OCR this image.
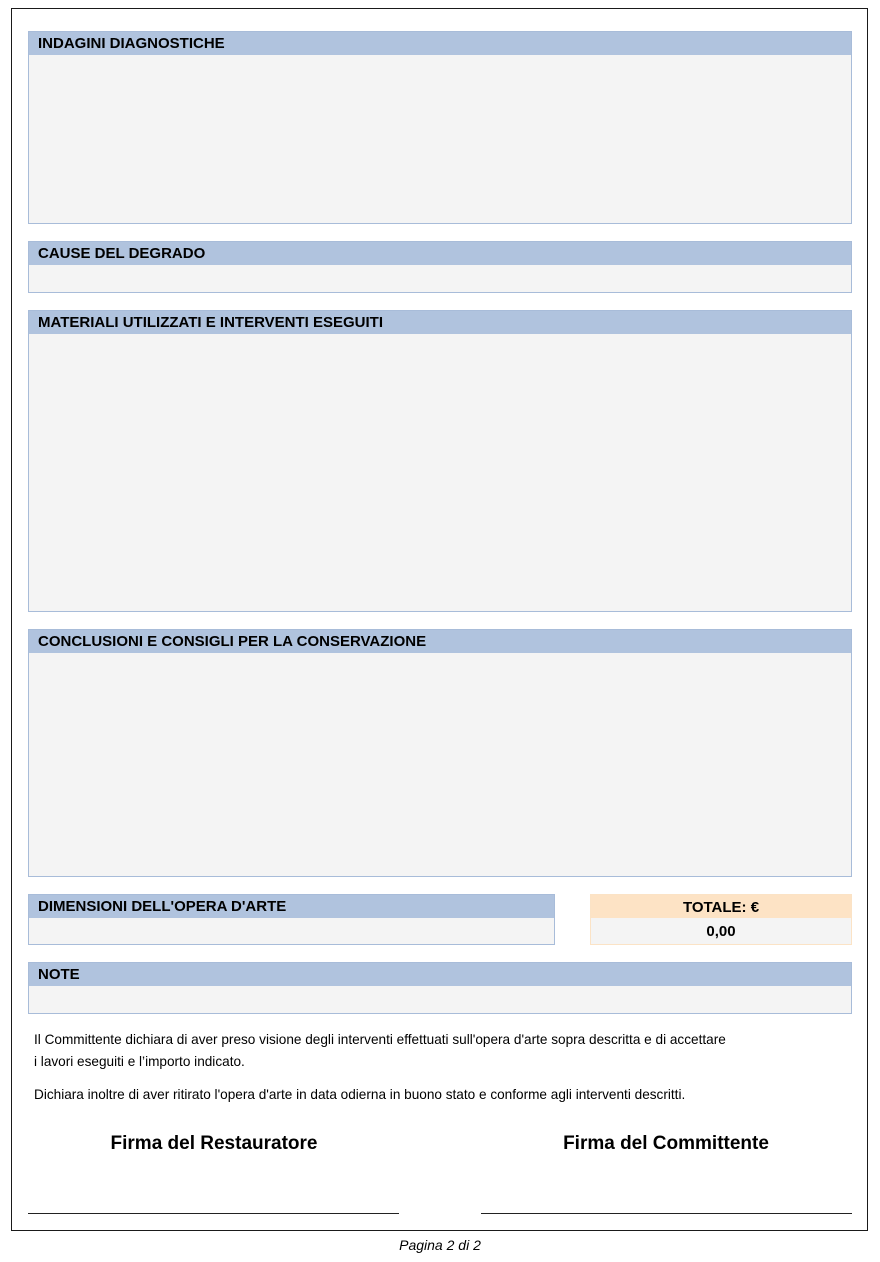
INDAGINI DIAGNOSTICHE
CAUSE DEL DEGRADO
MATERIALI UTILIZZATI E INTERVENTI ESEGUITI
CONCLUSIONI E CONSIGLI PER LA CONSERVAZIONE
DIMENSIONI DELL'OPERA D'ARTE	TOTALE: €
0,00
NOTE
Il Committente dichiara di aver preso visione degli interventi effettuati sull'opera d'arte sopra descritta e di accettare
i lavori eseguiti e l’importo indicato.
Dichiara inoltre di aver ritirato l'opera d'arte in data odierna in buono stato e conforme agli interventi descritti.
Firma del Restauratore	Firma del Committente
Pagina 2 di 2
